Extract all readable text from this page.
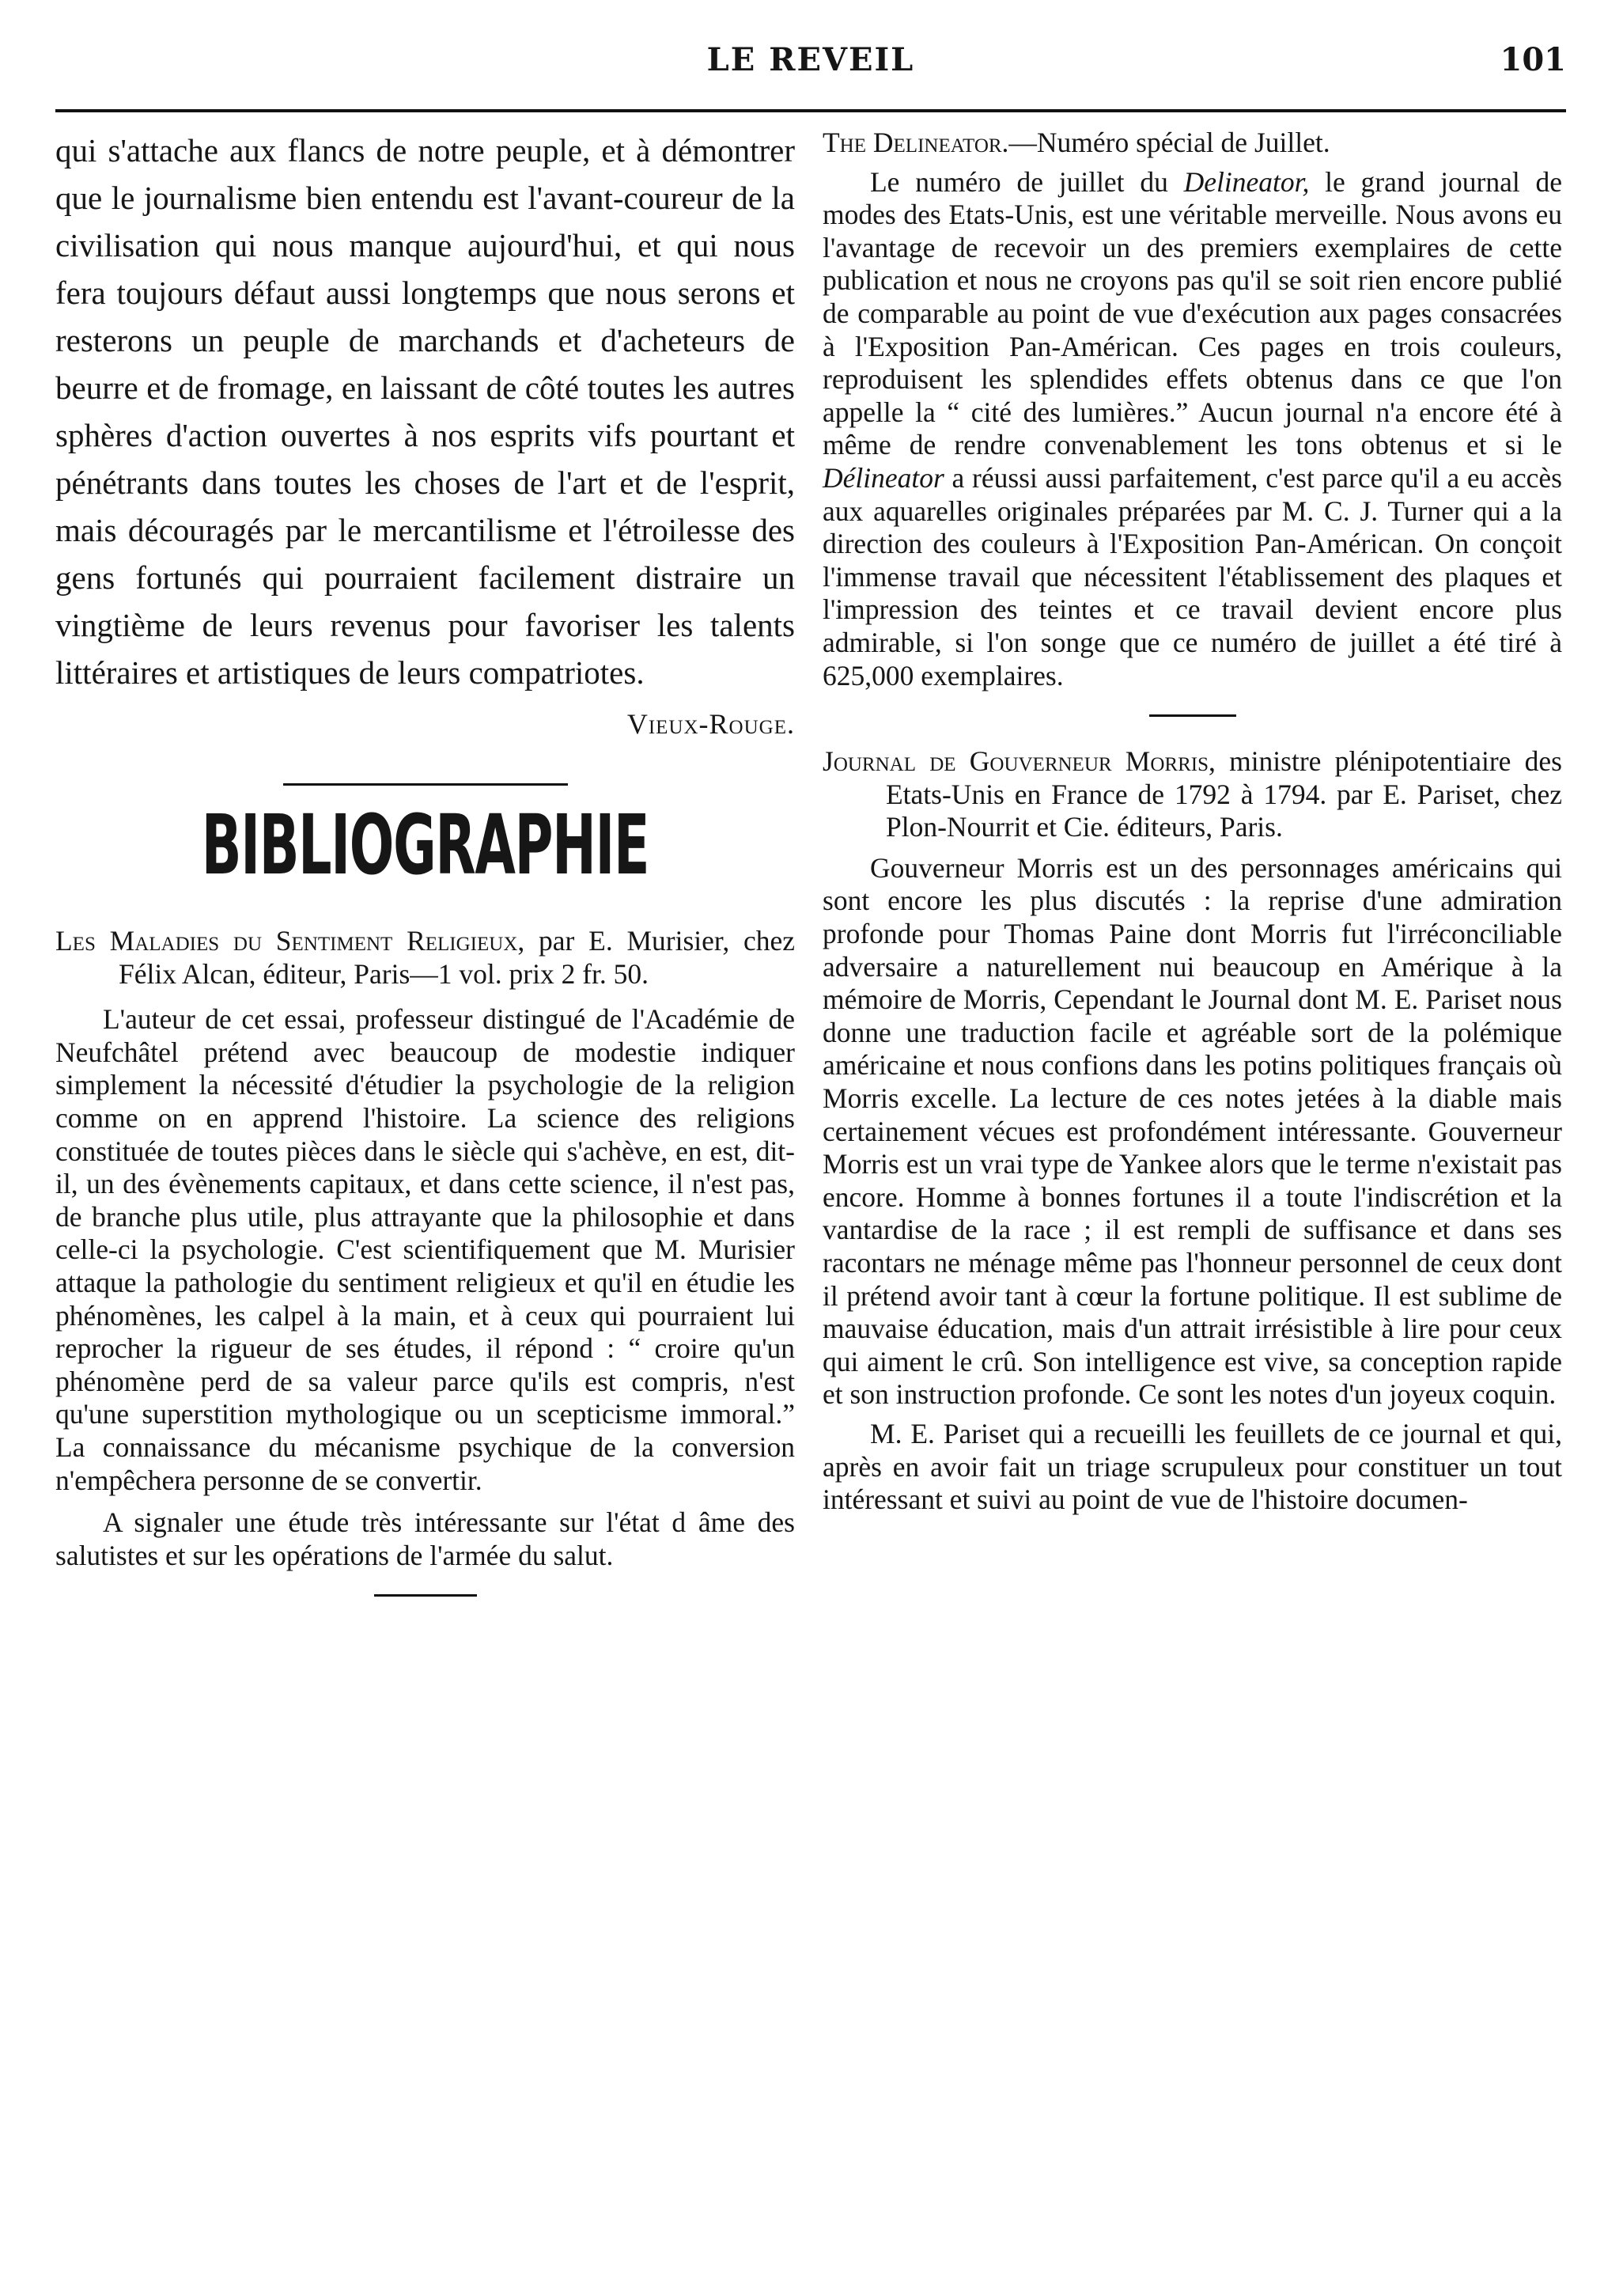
LE REVEIL	101

qui s'attache aux flancs de notre peuple, et à démontrer que le journalisme bien entendu est l'avant-coureur de la civilisation qui nous manque aujourd'hui, et qui nous fera toujours défaut aussi longtemps que nous serons et resterons un peuple de marchands et d'acheteurs de beurre et de fromage, en laissant de côté toutes les autres sphères d'action ouvertes à nos esprits vifs pourtant et pénétrants dans toutes les choses de l'art et de l'esprit, mais découragés par le mercantilisme et l'étroilesse des gens fortunés qui pourraient facilement distraire un vingtième de leurs revenus pour favoriser les talents littéraires et artistiques de leurs compatriotes.

Vieux-Rouge.
BIBLIOGRAPHIE

Les Maladies du Sentiment Religieux, par E. Murisier, chez Félix Alcan, éditeur, Paris—1 vol. prix 2 fr. 50.

L'auteur de cet essai, professeur distingué de l'Académie de Neufchâtel prétend avec beaucoup de modestie indiquer simplement la nécessité d'étudier la psychologie de la religion comme on en apprend l'histoire. La science des religions constituée de toutes pièces dans le siècle qui s'achève, en est, dit-il, un des évènements capitaux, et dans cette science, il n'est pas, de branche plus utile, plus attrayante que la philosophie et dans celle-ci la psychologie. C'est scientifiquement que M. Murisier attaque la pathologie du sentiment religieux et qu'il en étudie les phénomènes, les calpel à la main, et à ceux qui pourraient lui reprocher la rigueur de ses études, il répond : “ croire qu'un phénomène perd de sa valeur parce qu'ils est compris, n'est qu'une superstition mythologique ou un scepticisme immoral.” La connaissance du mécanisme psychique de la conversion n'empêchera personne de se convertir.

A signaler une étude très intéressante sur l'état d âme des salutistes et sur les opérations de l'armée du salut.

The Delineator.—Numéro spécial de Juillet.

Le numéro de juillet du Delineator, le grand journal de modes des Etats-Unis, est une véritable merveille. Nous avons eu l'avantage de recevoir un des premiers exemplaires de cette publication et nous ne croyons pas qu'il se soit rien encore publié de comparable au point de vue d'exécution aux pages consacrées à l'Exposition Pan-Américan. Ces pages en trois couleurs, reproduisent les splendides effets obtenus dans ce que l'on appelle la “ cité des lumières.” Aucun journal n'a encore été à même de rendre convenablement les tons obtenus et si le Délineator a réussi aussi parfaitement, c'est parce qu'il a eu accès aux aquarelles originales préparées par M. C. J. Turner qui a la direction des couleurs à l'Exposition Pan-Américan. On conçoit l'immense travail que nécessitent l'établissement des plaques et l'impression des teintes et ce travail devient encore plus admirable, si l'on songe que ce numéro de juillet a été tiré à 625,000 exemplaires.

Journal de Gouverneur Morris, ministre plénipotentiaire des Etats-Unis en France de 1792 à 1794. par E. Pariset, chez Plon-Nourrit et Cie. éditeurs, Paris.

Gouverneur Morris est un des personnages américains qui sont encore les plus discutés : la reprise d'une admiration profonde pour Thomas Paine dont Morris fut l'irréconciliable adversaire a naturellement nui beaucoup en Amérique à la mémoire de Morris, Cependant le Journal dont M. E. Pariset nous donne une traduction facile et agréable sort de la polémique américaine et nous confions dans les potins politiques français où Morris excelle. La lecture de ces notes jetées à la diable mais certainement vécues est profondément intéressante. Gouverneur Morris est un vrai type de Yankee alors que le terme n'existait pas encore. Homme à bonnes fortunes il a toute l'indiscrétion et la vantardise de la race ; il est rempli de suffisance et dans ses racontars ne ménage même pas l'honneur personnel de ceux dont il prétend avoir tant à cœur la fortune politique. Il est sublime de mauvaise éducation, mais d'un attrait irrésistible à lire pour ceux qui aiment le crû. Son intelligence est vive, sa conception rapide et son instruction profonde. Ce sont les notes d'un joyeux coquin.

M. E. Pariset qui a recueilli les feuillets de ce journal et qui, après en avoir fait un triage scrupuleux pour constituer un tout intéressant et suivi au point de vue de l'histoire documen-
